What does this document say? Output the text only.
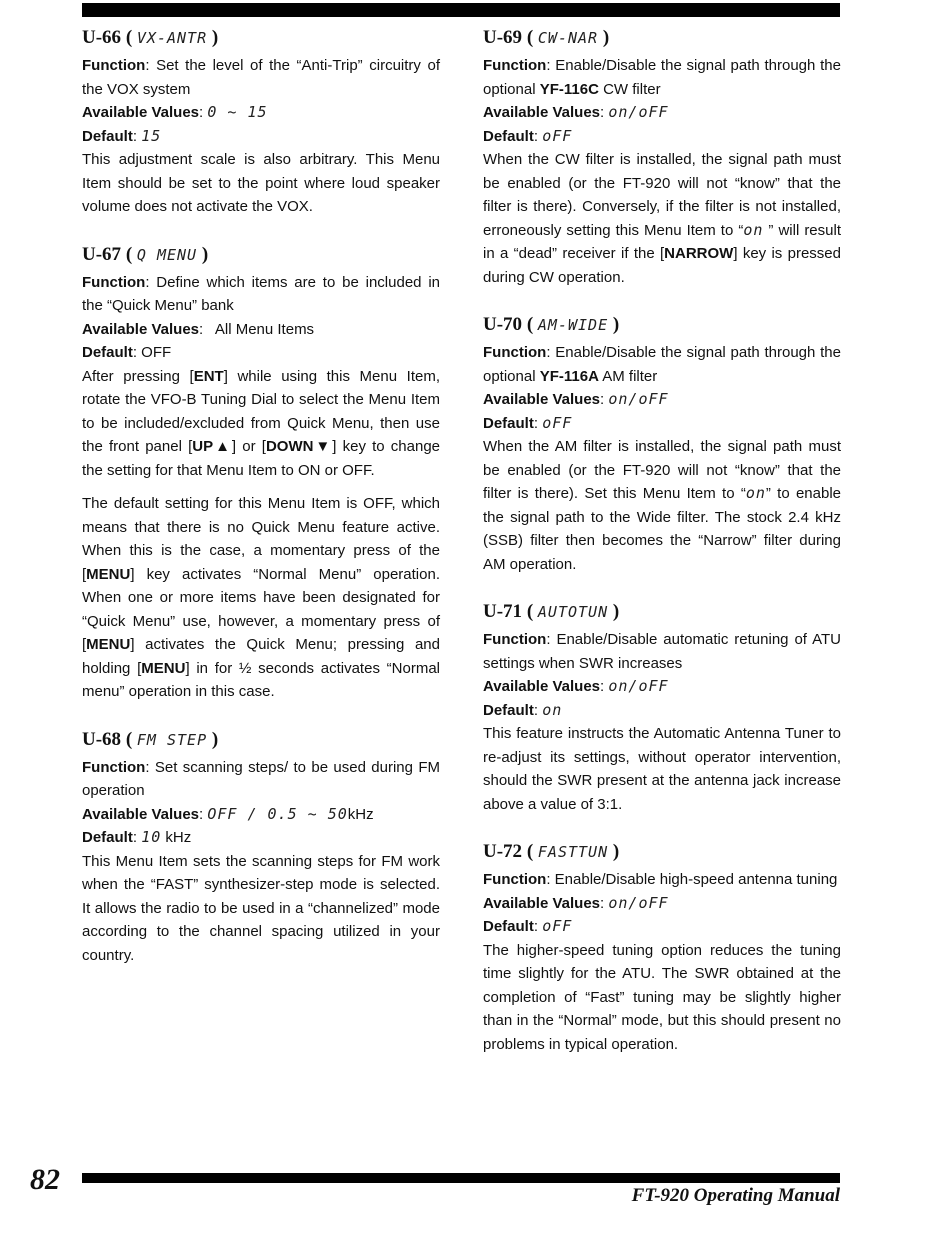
U-66 ( VX-ANTR )

Function: Set the level of the “Anti-Trip” circuitry of the VOX system

Available Values: 0 ~ 15

Default: 15

This adjustment scale is also arbitrary. This Menu Item should be set to the point where loud speaker volume does not activate the VOX.

U-67 ( Q MENU )

Function: Define which items are to be included in the “Quick Menu” bank

Available Values:   All Menu Items

Default: OFF

After pressing [ENT] while using this Menu Item, rotate the VFO-B Tuning Dial to select the Menu Item to be included/excluded from Quick Menu, then use the front panel [UP▲] or [DOWN▼] key to change the setting for that Menu Item to ON or OFF.

The default setting for this Menu Item is OFF, which means that there is no Quick Menu feature active. When this is the case, a momentary press of the [MENU] key activates “Normal Menu” operation. When one or more items have been designated for “Quick Menu” use, however, a momentary press of [MENU] activates the Quick Menu; pressing and holding [MENU] in for ½ seconds activates “Normal menu” operation in this case.

U-68 ( FM STEP )

Function: Set scanning steps/ to be used during FM operation

Available Values: OFF / 0.5 ~ 50kHz

Default: 10 kHz

This Menu Item sets the scanning steps for FM work when the “FAST” synthesizer-step mode is selected. It allows the radio to be used in a “channelized” mode according to the channel spacing utilized in your country.

U-69 ( CW-NAR )

Function: Enable/Disable the signal path through the optional YF-116C CW filter

Available Values: on/oFF

Default: oFF

When the CW filter is installed, the signal path must be enabled (or the FT-920 will not “know” that the filter is there). Conversely, if the filter is not installed, erroneously setting this Menu Item to “on ” will result in a “dead” receiver if the [NARROW] key is pressed during CW operation.

U-70 ( AM-WIDE )

Function: Enable/Disable the signal path through the optional YF-116A AM filter

Available Values: on/oFF

Default: oFF

When the AM filter is installed, the signal path must be enabled (or the FT-920 will not “know” that the filter is there). Set this Menu Item to “on” to enable the signal path to the Wide filter. The stock 2.4 kHz (SSB) filter then becomes the “Narrow” filter during AM operation.

U-71 ( AUTOTUN )

Function: Enable/Disable automatic retuning of ATU settings when SWR increases

Available Values: on/oFF

Default: on

This feature instructs the Automatic Antenna Tuner to re-adjust its settings, without operator intervention, should the SWR present at the antenna jack increase above a value of 3:1.

U-72 ( FASTTUN )

Function: Enable/Disable high-speed antenna tuning

Available Values: on/oFF

Default: oFF

The higher-speed tuning option reduces the tuning time slightly for the ATU. The SWR obtained at the completion of “Fast” tuning may be slightly higher than in the “Normal” mode, but this should present no problems in typical operation.

82	FT-920 Operating Manual
